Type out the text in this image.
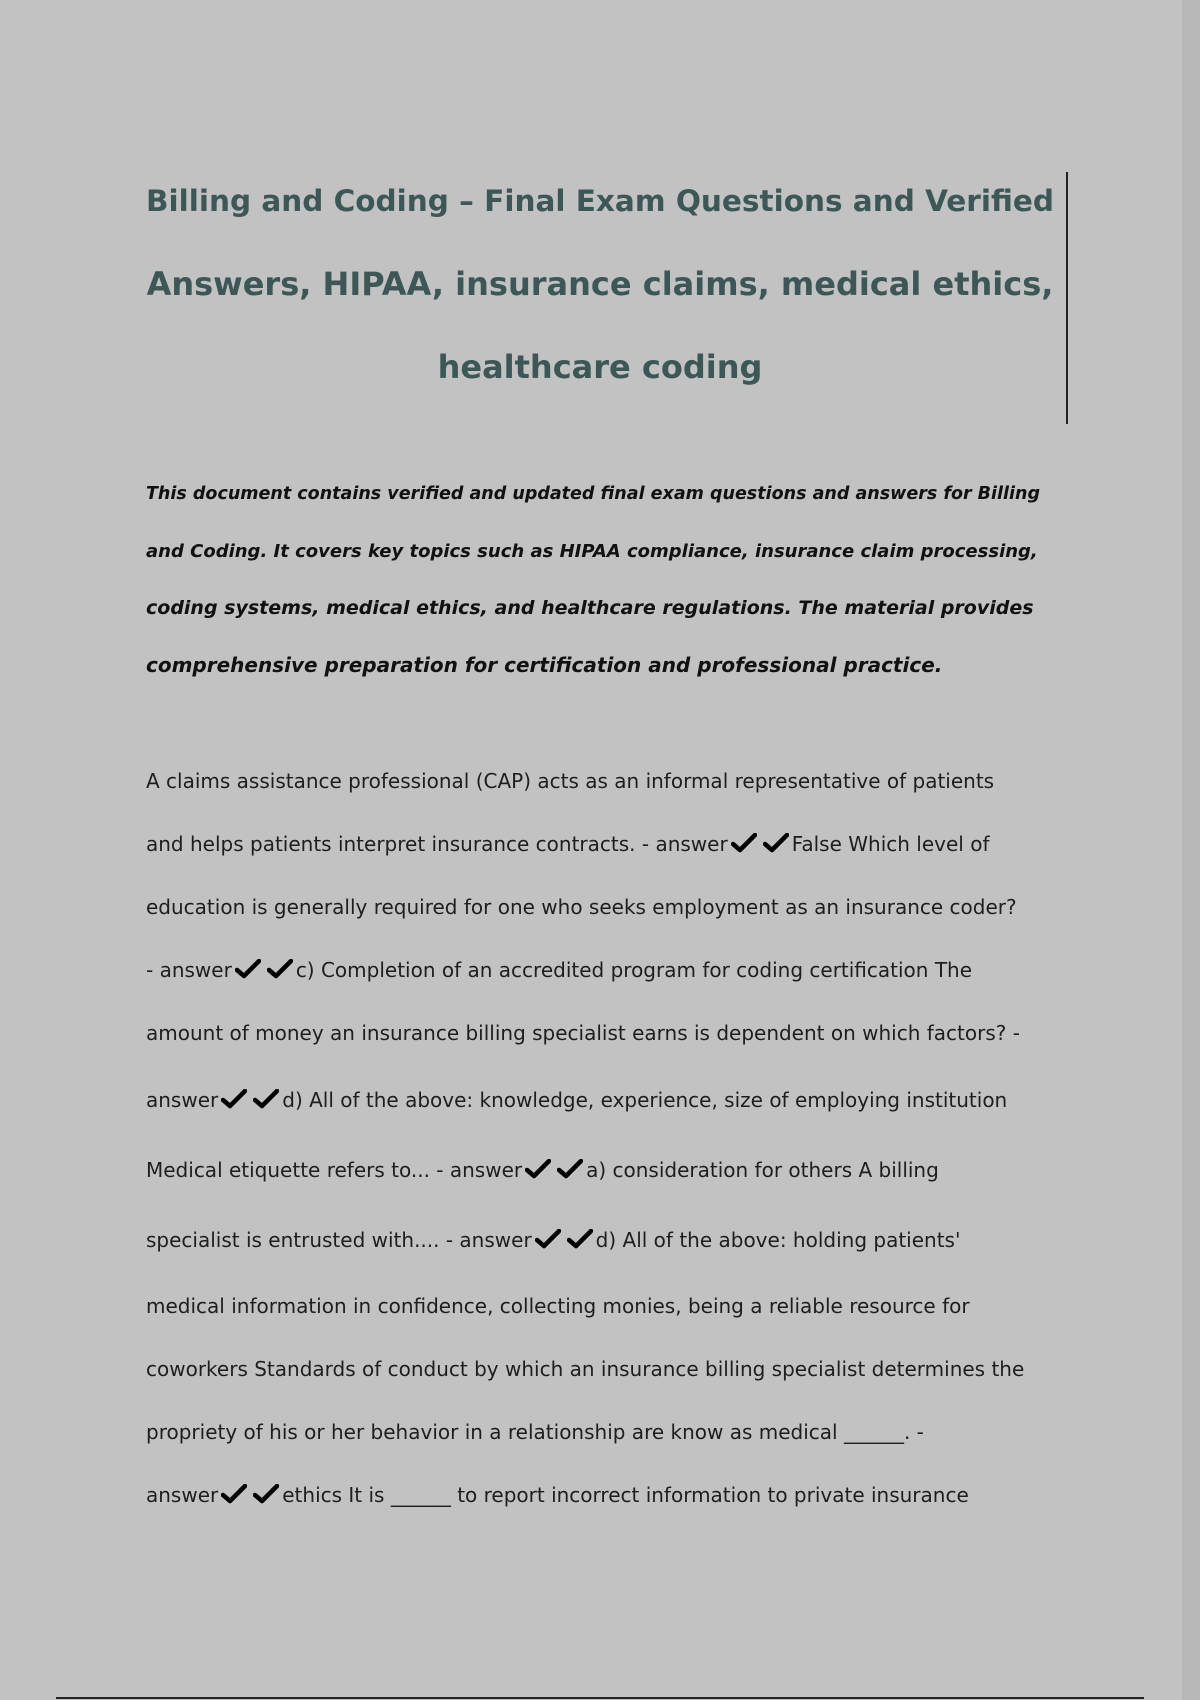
Billing and Coding – Final Exam Questions and Verified
Answers, HIPAA, insurance claims, medical ethics,
healthcare coding
This document contains verified and updated final exam questions and answers for Billing
and Coding. It covers key topics such as HIPAA compliance, insurance claim processing,
coding systems, medical ethics, and healthcare regulations. The material provides
comprehensive preparation for certification and professional practice.
A claims assistance professional (CAP) acts as an informal representative of patients
and helps patients interpret insurance contracts. - answer	False Which level of
education is generally required for one who seeks employment as an insurance coder?
- answer	c) Completion of an accredited program for coding certification The
amount of money an insurance billing specialist earns is dependent on which factors? -
answer	d) All of the above: knowledge, experience, size of employing institution
Medical etiquette refers to... - answer	a) consideration for others A billing
specialist is entrusted with.... - answer	d) All of the above: holding patients'
medical information in confidence, collecting monies, being a reliable resource for
coworkers Standards of conduct by which an insurance billing specialist determines the
propriety of his or her behavior in a relationship are know as medical ______. -
answer	ethics It is ______ to report incorrect information to private insurance
